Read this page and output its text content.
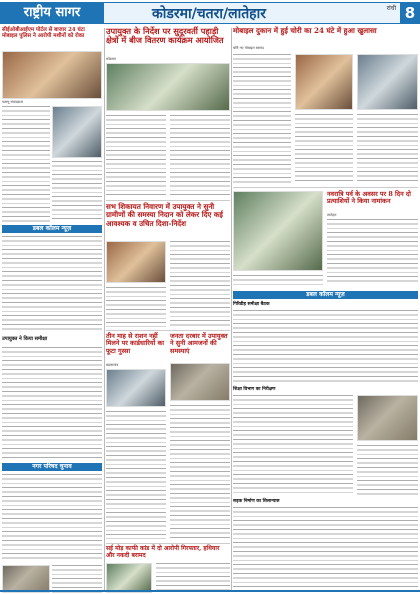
राष्ट्रीय सागर	कोडरमा/चतरा/लातेहार	रांची 8
सीईओबीआईएम पोर्टल से बाजार 24 घंटा मोबाइल पुलिस ने आरोपी मशीनों को रोका
पलामू संवाददाता
डबल कॉलम न्यूज़
उपायुक्त ने किया समीक्षा
नगर परिषद चुनाव
उपायुक्त के निर्देश पर सुदूरवर्ती पहाड़ी क्षेत्रों में बीज वितरण कार्यक्रम आयोजित
कोडरमा
सभ शिकायत निवारण में उपायुक्त ने सुनी ग्रामीणों की समस्या निदान को लेकर दिए कई आवश्यक व उचित दिशा-निर्देश
तीन माह से राशन नहीं मिलने पर कार्डधारियों का फूटा गुस्सा
बड़कागांव
जनता दरबार में उपायुक्त ने सुनी आमजनों की समस्याएं
सई मोड़ काफी कांड में दो आरोपी गिरफ्तार, हथियार और नकदी बरामद
मोबाइल दुकान में हुई चोरी का 24 घंटे में हुआ खुलासा
चोरी गए मोबाइल बरामद
नवरात्रि पर्व के अवसर पर 8 दिन दो प्रत्याशियों ने किया नामांकन
लातेहार
डबल कॉलम न्यूज़
गिरिडीह समीक्षा बैठक
शिक्षा विभाग का निरीक्षण
सड़क निर्माण का शिलान्यास
